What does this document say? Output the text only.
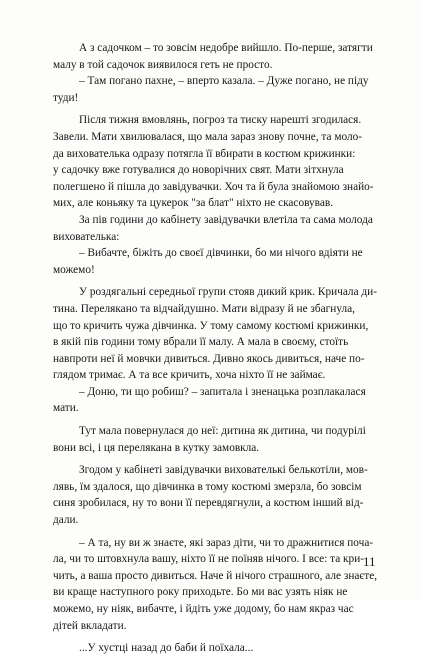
А з садочком – то зовсім недобре вийшло. По-перше, затягти
малу в той садочок виявилося геть не просто.
– Там погано пахне, – вперто казала. – Дуже погано, не піду
туди!
Після тижня вмовлянь, погроз та тиску нарешті згодилася.
Завели. Мати хвилювалася, що мала зараз знову почне, та моло-
да вихователька одразу потягла її вбирати в костюм крижинки:
у садочку вже готувалися до новорічних свят. Мати зітхнула
полегшено й пішла до завідувачки. Хоч та й була знайомою знайо-
мих, але коньяку та цукерок "за блат" ніхто не скасовував.
За пів години до кабінету завідувачки влетіла та сама молода
вихователька:
– Вибачте, біжіть до своєї дівчинки, бо ми нічого вдіяти не
можемо!
У роздягальні середньої групи стояв дикий крик. Кричала ди-
тина. Перелякано та відчайдушно. Мати відразу й не збагнула,
що то кричить чужа дівчинка. У тому самому костюмі крижинки,
в якій пів години тому вбрали її малу. А мала в своєму, стоїть
навпроти неї й мовчки дивиться. Дивно якось дивиться, наче по-
глядом тримає. А та все кричить, хоча ніхто її не займає.
– Доню, ти що робиш? – запитала і зненацька розплакалася
мати.
Тут мала повернулася до неї: дитина як дитина, чи подурілі
вони всі, і ця перелякана в кутку замовкла.
Згодом у кабінеті завідувачки вихователькі белькотіли, мов-
лявь, їм здалося, що дівчинка в тому костюмі змерзла, бо зовсім
синя зробилася, ну то вони її перевдягнули, а костюм інший від-
дали.
– А та, ну ви ж знаєте, які зараз діти, чи то дражнитися поча-
ла, чи то штовхнула вашу, ніхто її не поїняв нічого. І все: та кри-
чить, а ваша просто дивиться. Наче й нічого страшного, але знаєте,
ви краще наступного року приходьте. Бо ми вас узять ніяк не
можемо, ну ніяк, вибачте, і йдіть уже додому, бо нам якраз час
дітей вкладати.
...У хустці назад до баби й поїхала...
11
